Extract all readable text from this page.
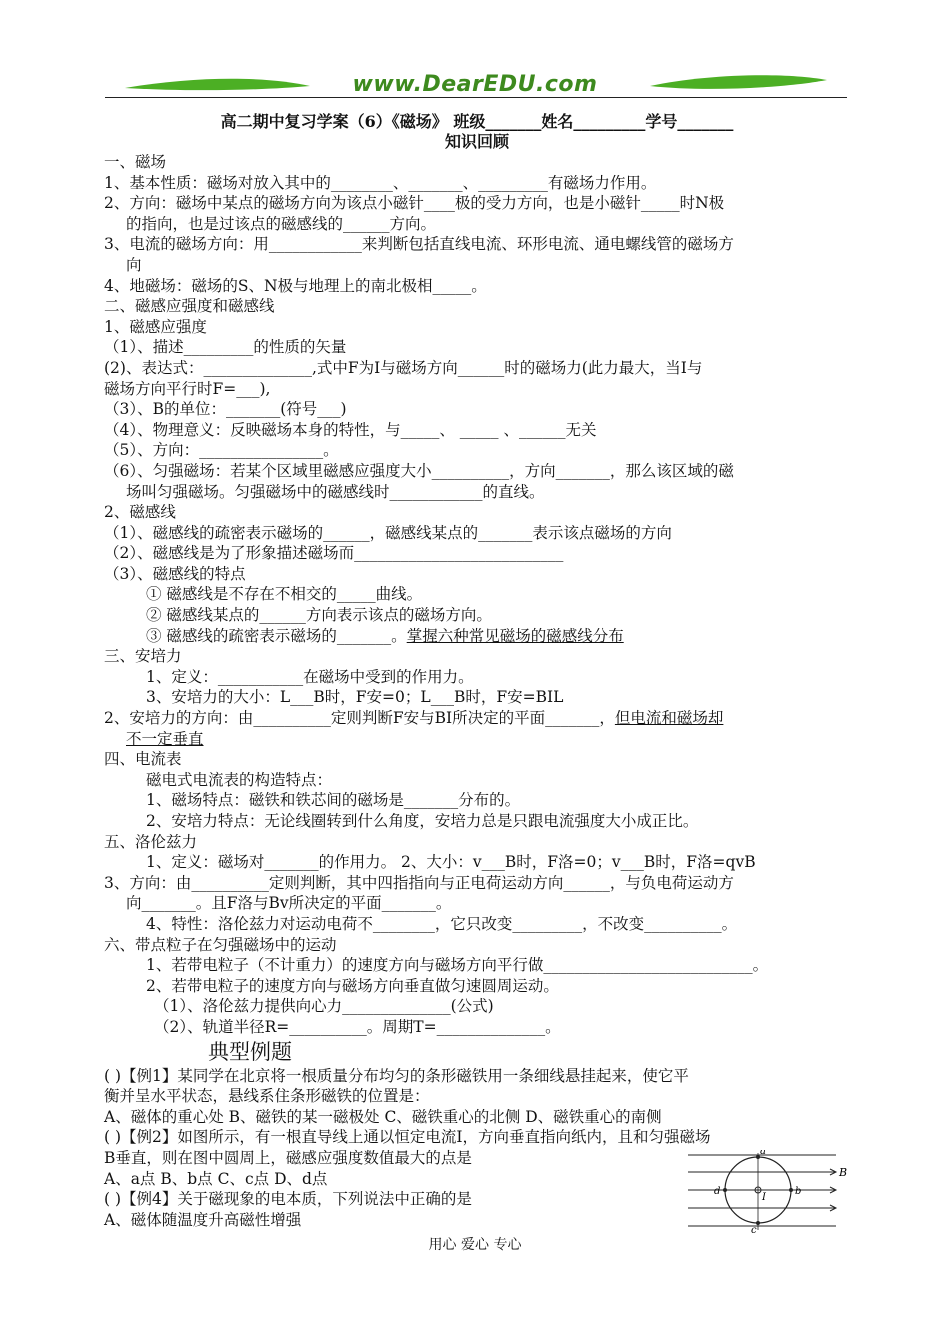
www.DearEDU.com
高二期中复习学案（6）《磁场》 班级_______姓名_________学号_______
知识回顾
一、磁场
1、基本性质：磁场对放入其中的________、_______、_________有磁场力作用。
2、方向：磁场中某点的磁场方向为该点小磁针____极的受力方向，也是小磁针_____时N极
的指向，也是过该点的磁感线的______方向。
3、电流的磁场方向：用____________来判断包括直线电流、环形电流、通电螺线管的磁场方
向
4、地磁场：磁场的S、N极与地理上的南北极相_____。
二、磁感应强度和磁感线
1、磁感应强度
（1）、描述_________的性质的矢量
(2)、表达式：______________,式中F为I与磁场方向______时的磁场力(此力最大，当I与
磁场方向平行时F=___),
（3）、B的单位：_______(符号___)
（4）、物理意义：反映磁场本身的特性，与_____、 _____ 、______无关
（5）、方向：________________。
（6）、匀强磁场：若某个区域里磁感应强度大小__________，方向_______，那么该区域的磁
场叫匀强磁场。匀强磁场中的磁感线时____________的直线。
2、磁感线
（1）、磁感线的疏密表示磁场的______，磁感线某点的_______表示该点磁场的方向
（2）、磁感线是为了形象描述磁场而___________________________
（3）、磁感线的特点
① 磁感线是不存在不相交的_____曲线。
② 磁感线某点的______方向表示该点的磁场方向。
③ 磁感线的疏密表示磁场的_______。掌握六种常见磁场的磁感线分布
三、安培力
1、定义：___________在磁场中受到的作用力。
3、安培力的大小：L___B时，F安=0；L___B时，F安=BIL
2、安培力的方向：由__________定则判断F安与BI所决定的平面_______，但电流和磁场却
不一定垂直
四、电流表
磁电式电流表的构造特点：
1、磁场特点：磁铁和铁芯间的磁场是_______分布的。
2、安培力特点：无论线圈转到什么角度，安培力总是只跟电流强度大小成正比。
五、洛伦兹力
1、定义：磁场对_______的作用力。 2、大小：v___B时，F洛=0；v___B时，F洛=qvB
3、方向：由__________定则判断，其中四指指向与正电荷运动方向______，与负电荷运动方
向_______。且F洛与Bv所决定的平面_______。
4、特性：洛伦兹力对运动电荷不________，它只改变_________，不改变__________。
六、带点粒子在匀强磁场中的运动
1、若带电粒子（不计重力）的速度方向与磁场方向平行做___________________________。
2、若带电粒子的速度方向与磁场方向垂直做匀速圆周运动。
（1）、洛伦兹力提供向心力______________(公式)
（2）、轨道半径R=__________。周期T=______________。
典型例题
( )【例1】某同学在北京将一根质量分布均匀的条形磁铁用一条细线悬挂起来，使它平
衡并呈水平状态，悬线系住条形磁铁的位置是：
A、磁体的重心处 B、磁铁的某一磁极处 C、磁铁重心的北侧 D、磁铁重心的南侧
( )【例2】如图所示，有一根直导线上通以恒定电流I，方向垂直指向纸内，且和匀强磁场
B垂直，则在图中圆周上，磁感应强度数值最大的点是
A、a点 B、b点 C、c点 D、d点
( )【例4】关于磁现象的电本质，下列说法中正确的是
A、磁体随温度升高磁性增强
a
b
c
d
I
B
用心 爱心 专心
